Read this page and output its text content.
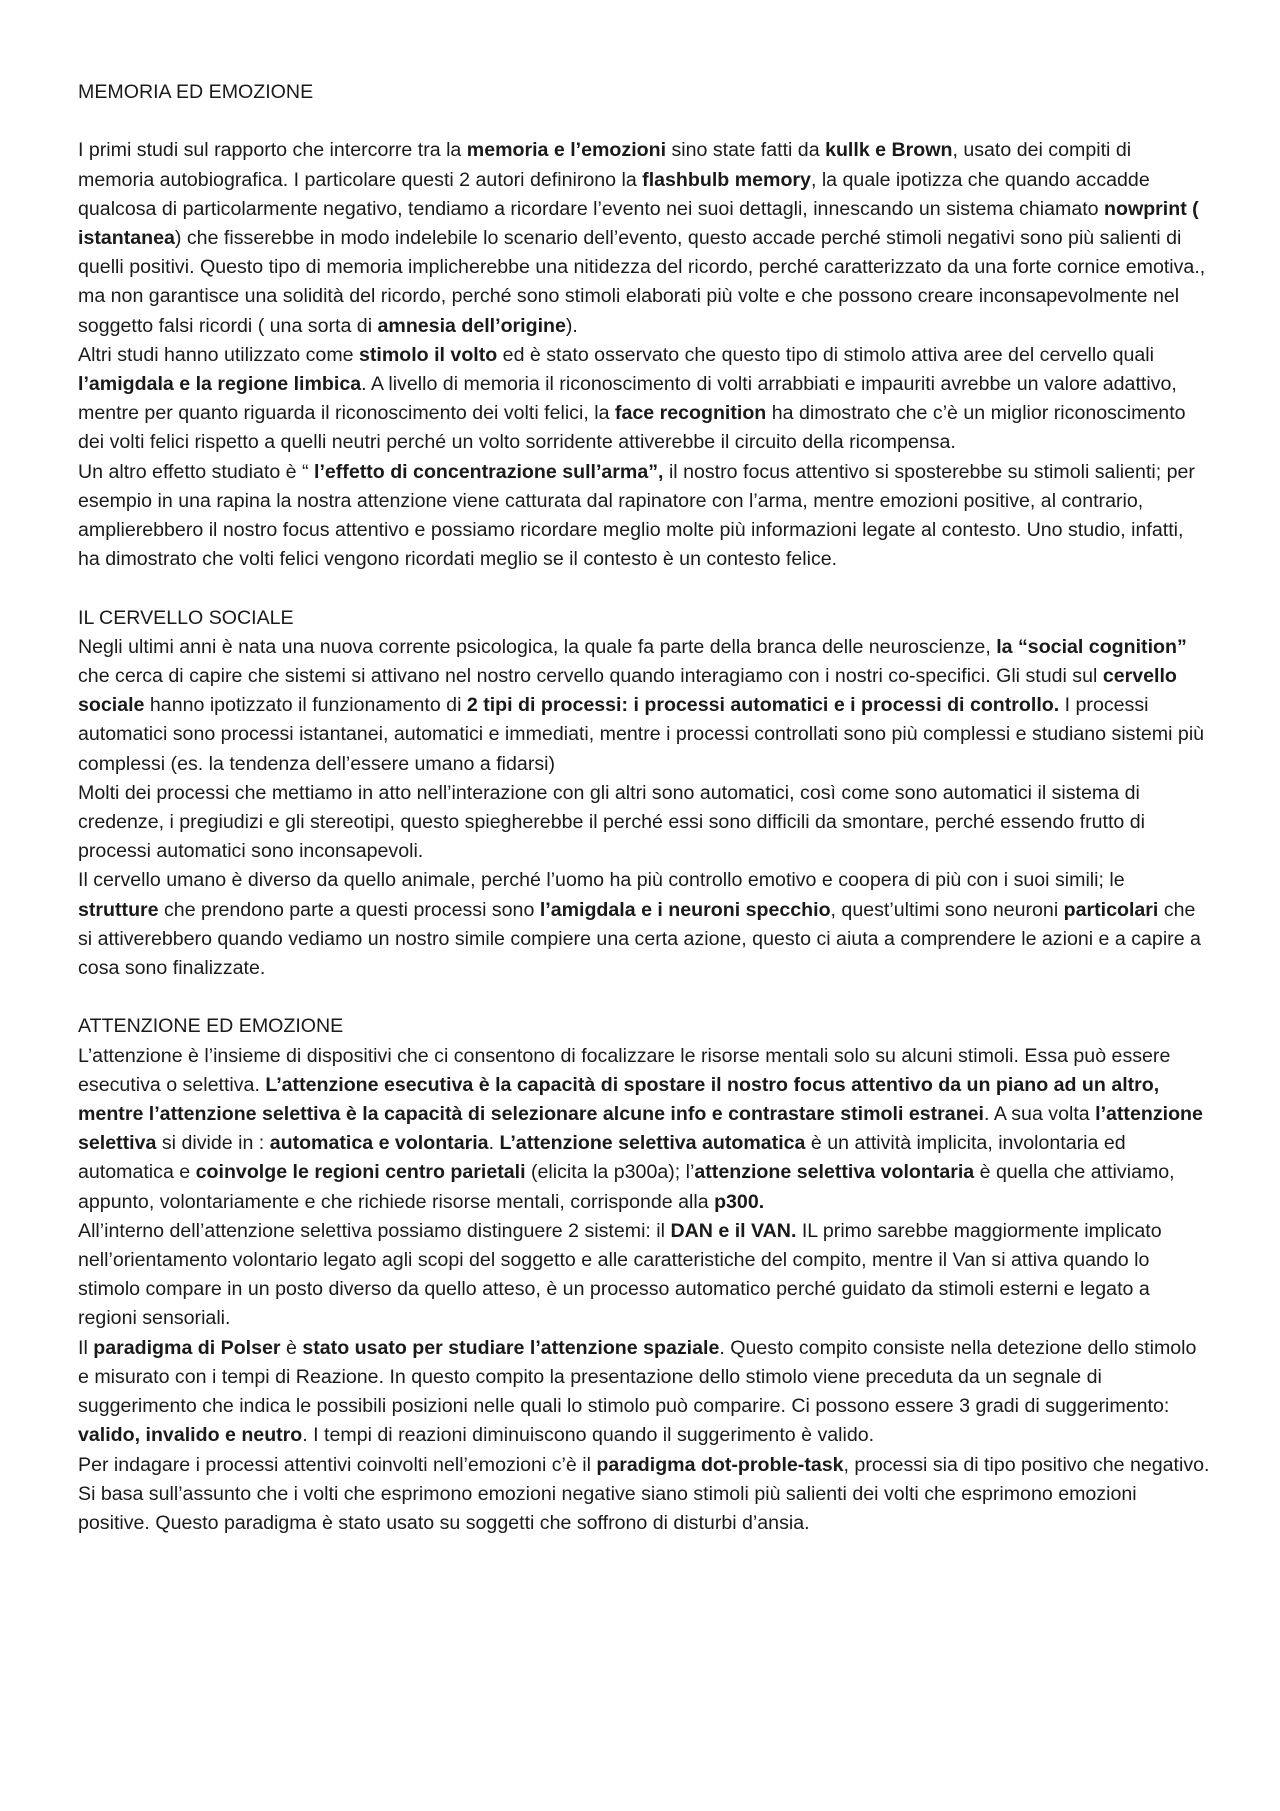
MEMORIA ED EMOZIONE

I primi studi sul rapporto che intercorre tra la memoria e l’emozioni sino state fatti da kullk e Brown, usato dei compiti di memoria autobiografica. I particolare questi 2 autori definirono la flashbulb memory, la quale ipotizza che quando accadde qualcosa di particolarmente negativo, tendiamo a ricordare l’evento nei suoi dettagli, innescando un sistema chiamato nowprint ( istantanea) che fisserebbe in modo indelebile lo scenario dell’evento, questo accade perché stimoli negativi sono più salienti di quelli positivi. Questo tipo di memoria implicherebbe una nitidezza del ricordo, perché caratterizzato da una forte cornice emotiva., ma non garantisce una solidità del ricordo, perché sono stimoli elaborati più volte e che possono creare inconsapevolmente nel soggetto falsi ricordi ( una sorta di amnesia dell’origine).

Altri studi hanno utilizzato come stimolo il volto ed è stato osservato che questo tipo di stimolo attiva aree del cervello quali l’amigdala e la regione limbica. A livello di memoria il riconoscimento di volti arrabbiati e impauriti avrebbe un valore adattivo, mentre per quanto riguarda il riconoscimento dei volti felici, la face recognition ha dimostrato che c’è un miglior riconoscimento dei volti felici rispetto a quelli neutri perché un volto sorridente attiverebbe il circuito della ricompensa.

Un altro effetto studiato è “ l’effetto di concentrazione sull’arma”, il nostro focus attentivo si sposterebbe su stimoli salienti; per esempio in una rapina la nostra attenzione viene catturata dal rapinatore con l’arma, mentre emozioni positive, al contrario, amplierebbero il nostro focus attentivo e possiamo ricordare meglio molte più informazioni legate al contesto. Uno studio, infatti, ha dimostrato che volti felici vengono ricordati meglio se il contesto è un contesto felice.

IL CERVELLO SOCIALE

Negli ultimi anni è nata una nuova corrente psicologica, la quale fa parte della branca delle neuroscienze, la “social cognition” che cerca di capire che sistemi si attivano nel nostro cervello quando interagiamo con i nostri co-specifici. Gli studi sul cervello sociale hanno ipotizzato il funzionamento di 2 tipi di processi: i processi automatici e i processi di controllo. I processi automatici sono processi istantanei, automatici e immediati, mentre i processi controllati sono più complessi e studiano sistemi più complessi (es. la tendenza dell’essere umano a fidarsi)

Molti dei processi che mettiamo in atto nell’interazione con gli altri sono automatici, così come sono automatici il sistema di credenze, i pregiudizi e gli stereotipi, questo spiegherebbe il perché essi sono difficili da smontare, perché essendo frutto di processi automatici sono inconsapevoli.

Il cervello umano è diverso da quello animale, perché l’uomo ha più controllo emotivo e coopera di più con i suoi simili; le strutture che prendono parte a questi processi sono l’amigdala e i neuroni specchio, quest’ultimi sono neuroni particolari che si attiverebbero quando vediamo un nostro simile compiere una certa azione, questo ci aiuta a comprendere le azioni e a capire a cosa sono finalizzate.

ATTENZIONE ED EMOZIONE

L’attenzione è l’insieme di dispositivi che ci consentono di focalizzare le risorse mentali solo su alcuni stimoli. Essa può essere esecutiva o selettiva. L’attenzione esecutiva è la capacità di spostare il nostro focus attentivo da un piano ad un altro, mentre l’attenzione selettiva è la capacità di selezionare alcune info e contrastare stimoli estranei. A sua volta l’attenzione selettiva si divide in : automatica e volontaria. L’attenzione selettiva automatica è un attività implicita, involontaria ed automatica e coinvolge le regioni centro parietali (elicita la p300a); l’attenzione selettiva volontaria è quella che attiviamo, appunto, volontariamente e che richiede risorse mentali, corrisponde alla p300.

All’interno dell’attenzione selettiva possiamo distinguere 2 sistemi: il DAN e il VAN. IL primo sarebbe maggiormente implicato nell’orientamento volontario legato agli scopi del soggetto e alle caratteristiche del compito, mentre il Van si attiva quando lo stimolo compare in un posto diverso da quello atteso, è un processo automatico perché guidato da stimoli esterni e legato a regioni sensoriali.

Il paradigma di Polser è stato usato per studiare l’attenzione spaziale. Questo compito consiste nella detezione dello stimolo e misurato con i tempi di Reazione. In questo compito la presentazione dello stimolo viene preceduta da un segnale di suggerimento che indica le possibili posizioni nelle quali lo stimolo può comparire. Ci possono essere 3 gradi di suggerimento: valido, invalido e neutro. I tempi di reazioni diminuiscono quando il suggerimento è valido.

Per indagare i processi attentivi coinvolti nell’emozioni c’è il paradigma dot-proble-task, processi sia di tipo positivo che negativo. Si basa sull’assunto che i volti che esprimono emozioni negative siano stimoli più salienti dei volti che esprimono emozioni positive. Questo paradigma è stato usato su soggetti che soffrono di disturbi d’ansia.
